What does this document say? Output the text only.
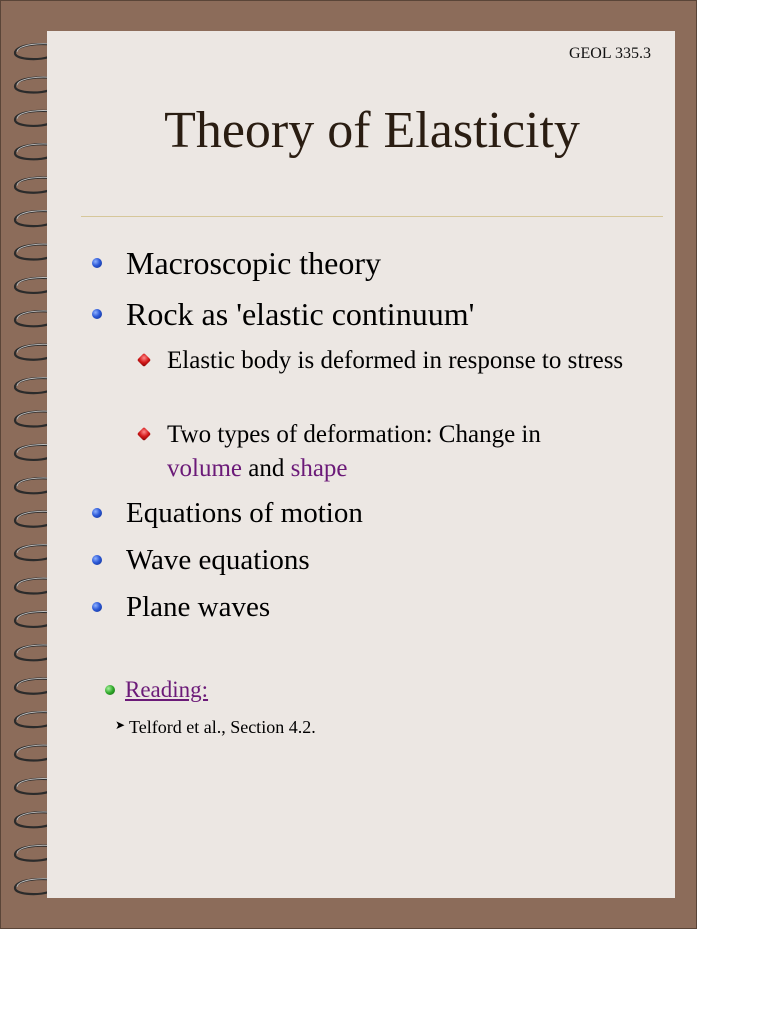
GEOL 335.3
Theory of Elasticity
Macroscopic theory
Rock as 'elastic continuum'
Elastic body is deformed in response to stress
Two types of deformation: Change in
volume and shape
Equations of motion
Wave equations
Plane waves
Reading:
➤ Telford et al., Section 4.2.
